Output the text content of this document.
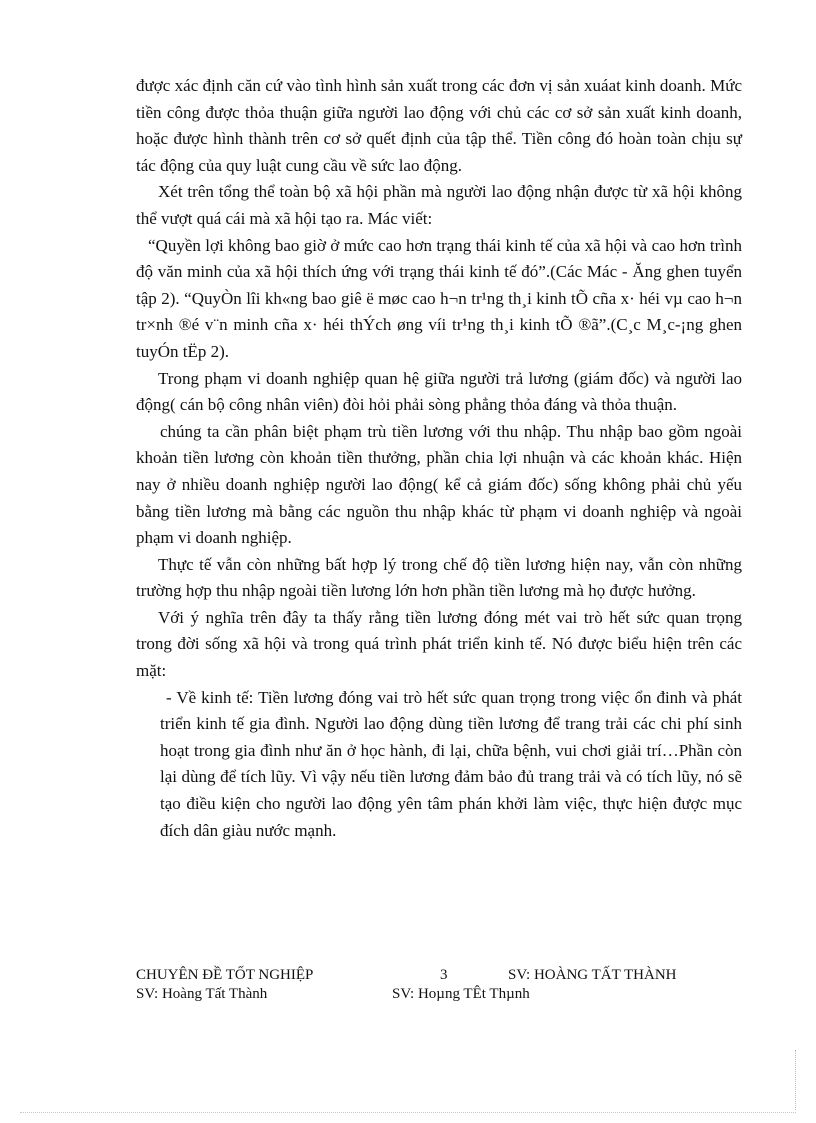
được xác định căn cứ vào tình hình sản xuất trong các đơn vị sản xuáat kinh doanh. Mức tiền công được thỏa thuận giữa người lao động với chủ các cơ sở sản xuất kinh doanh, hoặc được hình thành trên cơ sở quết định của tập thể. Tiền công đó hoàn toàn chịu sự tác động của quy luật cung cầu về sức lao động.

Xét trên tổng thể toàn bộ xã hội phần mà người lao động nhận được từ xã hội không thể vượt quá cái mà xã hội tạo ra. Mác viết:

“Quyền lợi không bao giờ ở mức cao hơn trạng thái kinh tế của xã hội và cao hơn trình độ văn minh của xã hội thích ứng với trạng thái kinh tế đó”.(Các Mác - Ăng ghen tuyển tập 2). “QuyÒn lîi kh«ng bao giê ë møc cao h¬n tr¹ng th¸i kinh tÕ cña x· héi vµ cao h¬n tr×nh ®é v¨n minh cña x· héi thÝch øng víi tr¹ng th¸i kinh tÕ ®ã”.(C¸c M¸c-¡ng ghen tuyÓn tËp 2).

Trong phạm vi doanh nghiệp quan hệ giữa người trả lương (giám đốc) và người lao động( cán bộ công nhân viên) đòi hỏi phải sòng phẳng thỏa đáng và thỏa thuận.

chúng ta cần phân biệt phạm trù tiền lương với thu nhập. Thu nhập bao gồm ngoài khoản tiền lương còn khoản tiền thưởng, phần chia lợi nhuận và các khoản khác. Hiện nay ở nhiều doanh nghiệp người lao động( kể cả giám đốc) sống không phải chủ yếu bằng tiền lương mà bằng các nguồn thu nhập khác từ phạm vi doanh nghiệp và ngoài phạm vi doanh nghiệp.

Thực tế vẫn còn những bất hợp lý trong chế độ tiền lương hiện nay, vẫn còn những trường hợp thu nhập ngoài tiền lương lớn hơn phần tiền lương mà họ được hưởng.

Với ý nghĩa trên đây ta thấy rằng tiền lương đóng mét vai trò hết sức quan trọng trong đời sống xã hội và trong quá trình phát triển kinh tế. Nó được biểu hiện trên các mặt:

- Về kinh tế: Tiền lương đóng vai trò hết sức quan trọng trong việc ổn đinh và phát triển kinh tế gia đình. Người lao động dùng tiền lương để trang trải các chi phí sinh hoạt trong gia đình như ăn ở học hành, đi lại, chữa bệnh, vui chơi giải trí…Phần còn lại dùng để tích lũy. Vì vậy nếu tiền lương đảm bảo đủ trang trải và có tích lũy, nó sẽ tạo điều kiện cho người lao động yên tâm phán khởi làm việc, thực hiện được mục đích dân giàu nước mạnh.

CHUYÊN ĐỀ TỐT NGHIỆP	3	SV: HOÀNG TẤT THÀNH
SV: Hoàng Tất Thành	SV: Hoµng TÊt Thµnh
